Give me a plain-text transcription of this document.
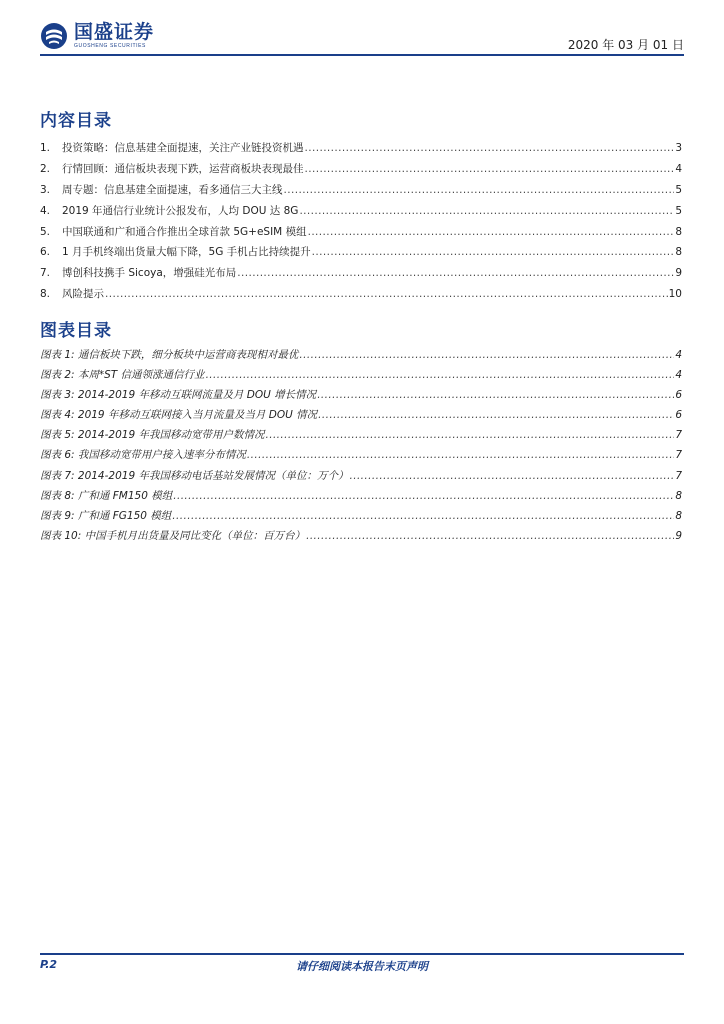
国盛证券
GUOSHENG SECURITIES	2020 年 03 月 01 日
内容目录
1.	投资策略：信息基建全面提速，关注产业链投资机遇 .....	3
2.	行情回顾：通信板块表现下跌，运营商板块表现最佳 .....	4
3.	周专题：信息基建全面提速，看多通信三大主线 .....	5
4.	2019 年通信行业统计公报发布，人均 DOU 达 8G .....	5
5.	中国联通和广和通合作推出全球首款 5G+eSIM 模组 .....	8
6.	1 月手机终端出货量大幅下降，5G 手机占比持续提升 .....	8
7.	博创科技携手 Sicoya，增强硅光布局 .....	9
8.	风险提示 .....	10
图表目录
图表 1: 通信板块下跌，细分板块中运营商表现相对最优 .....	4
图表 2: 本周*ST 信通领涨通信行业 .....	4
图表 3: 2014-2019 年移动互联网流量及月 DOU 增长情况 .....	6
图表 4: 2019 年移动互联网接入当月流量及当月 DOU 情况 .....	6
图表 5: 2014-2019 年我国移动宽带用户数情况 .....	7
图表 6: 我国移动宽带用户接入速率分布情况 .....	7
图表 7: 2014-2019 年我国移动电话基站发展情况（单位：万个） .....	7
图表 8: 广和通 FM150 模组 .....	8
图表 9: 广和通 FG150 模组 .....	8
图表 10: 中国手机月出货量及同比变化（单位：百万台） .....	9
P.2	请仔细阅读本报告末页声明
